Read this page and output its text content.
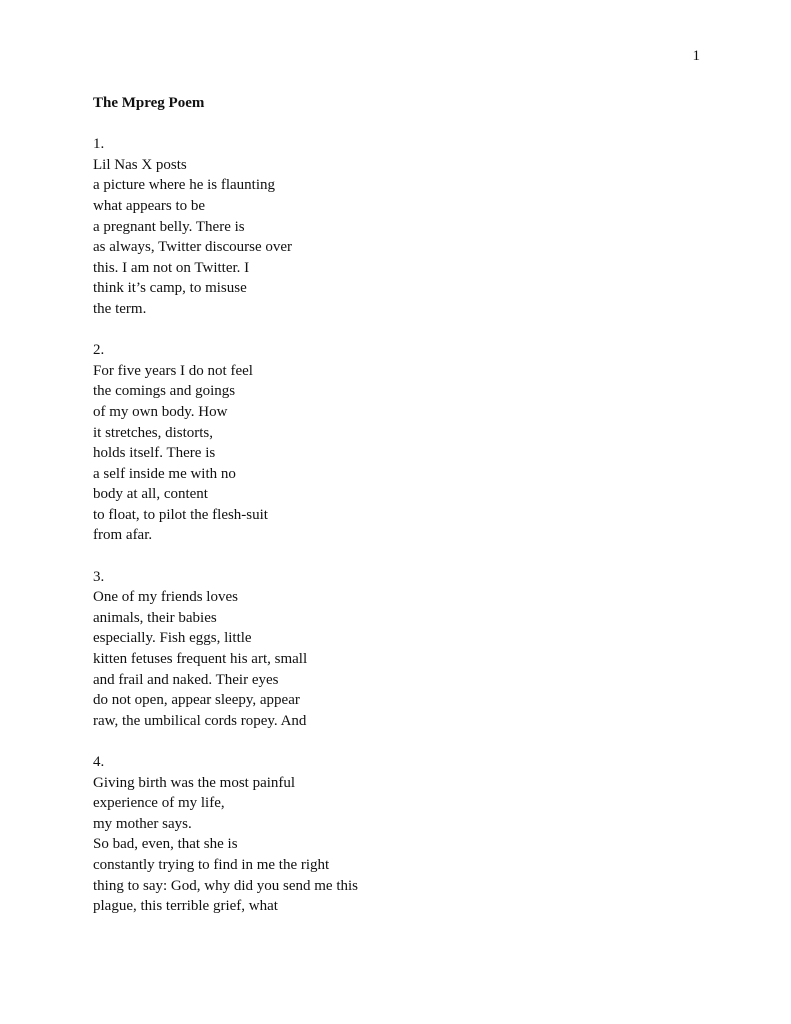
1
The Mpreg Poem
1.
Lil Nas X posts
a picture where he is flaunting
what appears to be
a pregnant belly. There is
as always, Twitter discourse over
this. I am not on Twitter. I
think it’s camp, to misuse
the term.
2.
For five years I do not feel
the comings and goings
of my own body. How
it stretches, distorts,
holds itself. There is
a self inside me with no
body at all, content
to float, to pilot the flesh-suit
from afar.
3.
One of my friends loves
animals, their babies
especially. Fish eggs, little
kitten fetuses frequent his art, small
and frail and naked. Their eyes
do not open, appear sleepy, appear
raw, the umbilical cords ropey. And
4.
Giving birth was the most painful
experience of my life,
my mother says.
So bad, even, that she is
constantly trying to find in me the right
thing to say: God, why did you send me this
plague, this terrible grief, what
